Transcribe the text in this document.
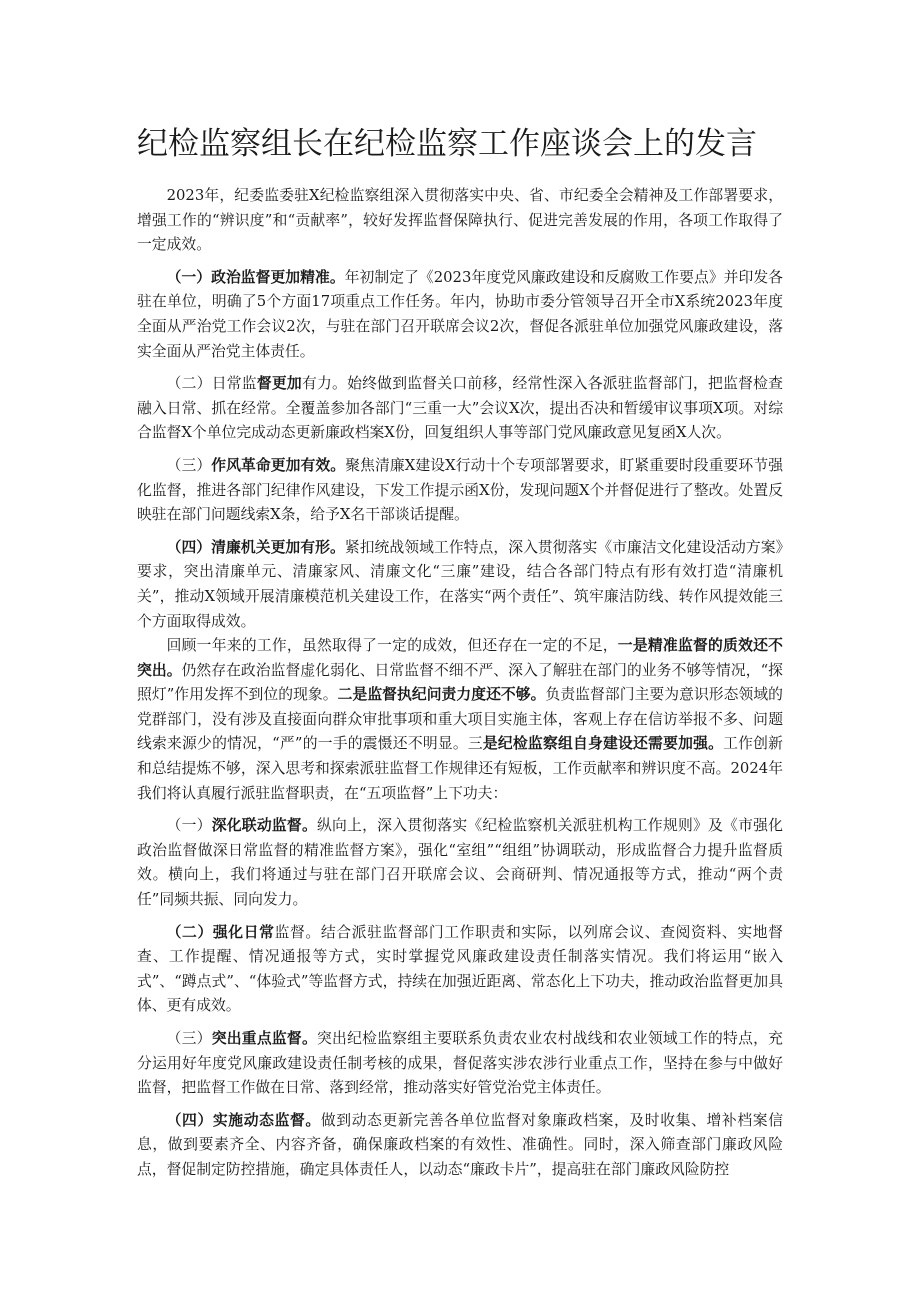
纪检监察组长在纪检监察工作座谈会上的发言

2023年，纪委监委驻X纪检监察组深入贯彻落实中央、省、市纪委全会精神及工作部署要求，增强工作的“辨识度”和“贡献率”，较好发挥监督保障执行、促进完善发展的作用，各项工作取得了一定成效。

（一）政治监督更加精准。年初制定了《2023年度党风廉政建设和反腐败工作要点》并印发各驻在单位，明确了5个方面17项重点工作任务。年内，协助市委分管领导召开全市X系统2023年度全面从严治党工作会议2次，与驻在部门召开联席会议2次，督促各派驻单位加强党风廉政建设，落实全面从严治党主体责任。

（二）日常监督更加有力。始终做到监督关口前移，经常性深入各派驻监督部门，把监督检查融入日常、抓在经常。全覆盖参加各部门“三重一大”会议X次，提出否决和暂缓审议事项X项。对综合监督X个单位完成动态更新廉政档案X份，回复组织人事等部门党风廉政意见复函X人次。

（三）作风革命更加有效。聚焦清廉X建设X行动十个专项部署要求，盯紧重要时段重要环节强化监督，推进各部门纪律作风建设，下发工作提示函X份，发现问题X个并督促进行了整改。处置反映驻在部门问题线索X条，给予X名干部谈话提醒。

（四）清廉机关更加有形。紧扣统战领域工作特点，深入贯彻落实《市廉洁文化建设活动方案》要求，突出清廉单元、清廉家风、清廉文化“三廉”建设，结合各部门特点有形有效打造“清廉机关”，推动X领域开展清廉模范机关建设工作，在落实“两个责任”、筑牢廉洁防线、转作风提效能三个方面取得成效。

回顾一年来的工作，虽然取得了一定的成效，但还存在一定的不足，一是精准监督的质效还不突出。仍然存在政治监督虚化弱化、日常监督不细不严、深入了解驻在部门的业务不够等情况，“探照灯”作用发挥不到位的现象。二是监督执纪问责力度还不够。负责监督部门主要为意识形态领域的党群部门，没有涉及直接面向群众审批事项和重大项目实施主体，客观上存在信访举报不多、问题线索来源少的情况，“严”的一手的震慑还不明显。三是纪检监察组自身建设还需要加强。工作创新和总结提炼不够，深入思考和探索派驻监督工作规律还有短板，工作贡献率和辨识度不高。2024年我们将认真履行派驻监督职责，在“五项监督”上下功夫：

（一）深化联动监督。纵向上，深入贯彻落实《纪检监察机关派驻机构工作规则》及《市强化政治监督做深日常监督的精准监督方案》，强化“室组”“组组”协调联动，形成监督合力提升监督质效。横向上，我们将通过与驻在部门召开联席会议、会商研判、情况通报等方式，推动“两个责任”同频共振、同向发力。

（二）强化日常监督。结合派驻监督部门工作职责和实际，以列席会议、查阅资料、实地督查、工作提醒、情况通报等方式，实时掌握党风廉政建设责任制落实情况。我们将运用“嵌入式”、“蹲点式”、“体验式”等监督方式，持续在加强近距离、常态化上下功夫，推动政治监督更加具体、更有成效。

（三）突出重点监督。突出纪检监察组主要联系负责农业农村战线和农业领域工作的特点，充分运用好年度党风廉政建设责任制考核的成果，督促落实涉农涉行业重点工作，坚持在参与中做好监督，把监督工作做在日常、落到经常，推动落实好管党治党主体责任。

（四）实施动态监督。做到动态更新完善各单位监督对象廉政档案，及时收集、增补档案信息，做到要素齐全、内容齐备，确保廉政档案的有效性、准确性。同时，深入筛查部门廉政风险点，督促制定防控措施，确定具体责任人，以动态“廉政卡片”，提高驻在部门廉政风险防控
